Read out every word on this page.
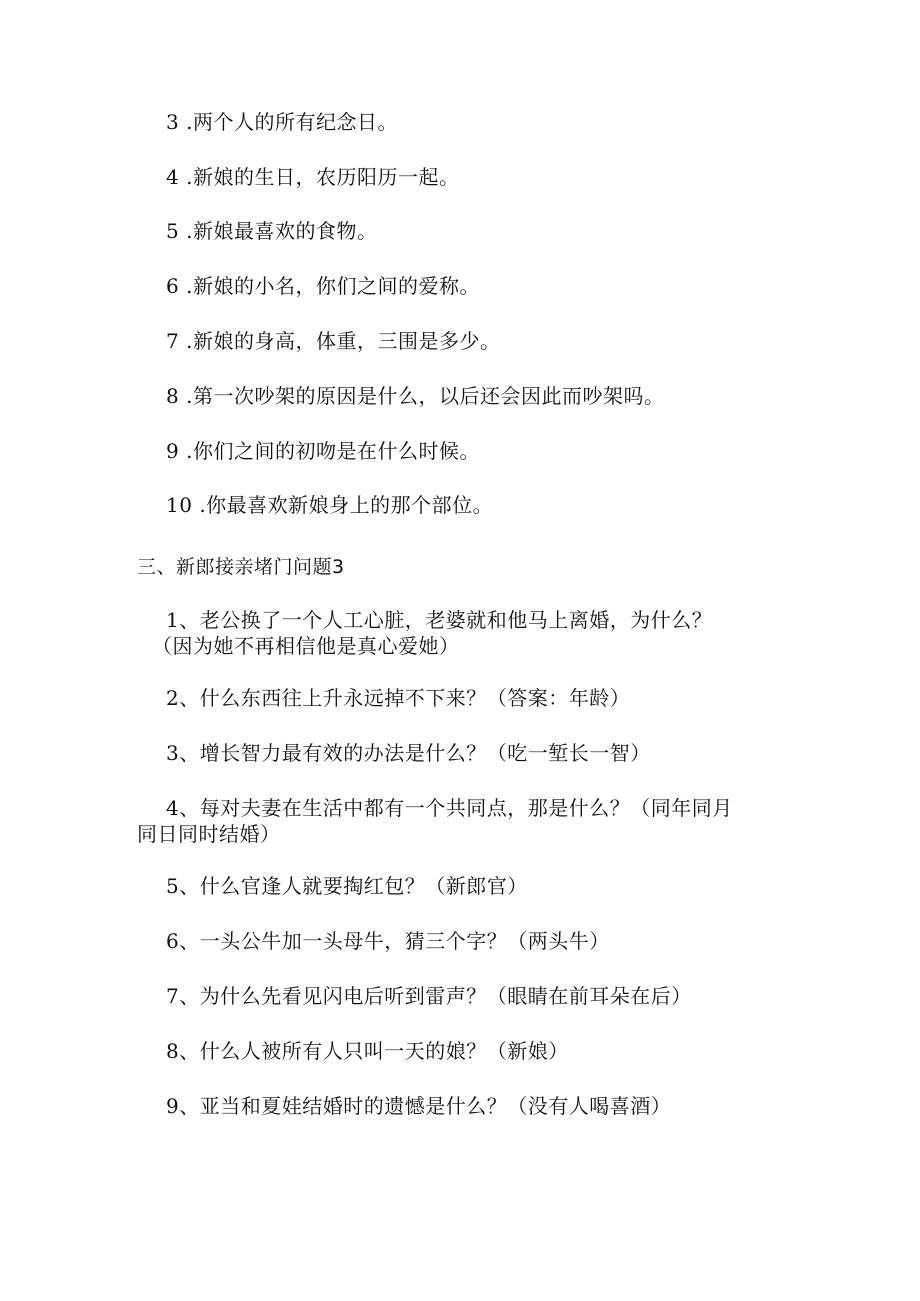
3 .两个人的所有纪念日。
4 .新娘的生日，农历阳历一起。
5 .新娘最喜欢的食物。
6 .新娘的小名，你们之间的爱称。
7 .新娘的身高，体重，三围是多少。
8 .第一次吵架的原因是什么，以后还会因此而吵架吗。
9 .你们之间的初吻是在什么时候。
10 .你最喜欢新娘身上的那个部位。
三、新郎接亲堵门问题3
1、老公换了一个人工心脏，老婆就和他马上离婚，为什么？
（因为她不再相信他是真心爱她）
2、什么东西往上升永远掉不下来？（答案：年龄）
3、增长智力最有效的办法是什么？（吃一堑长一智）
4、每对夫妻在生活中都有一个共同点，那是什么？（同年同月
同日同时结婚）
5、什么官逢人就要掏红包？（新郎官）
6、一头公牛加一头母牛，猜三个字？（两头牛）
7、为什么先看见闪电后听到雷声？（眼睛在前耳朵在后）
8、什么人被所有人只叫一天的娘？（新娘）
9、亚当和夏娃结婚时的遗憾是什么？（没有人喝喜酒）
